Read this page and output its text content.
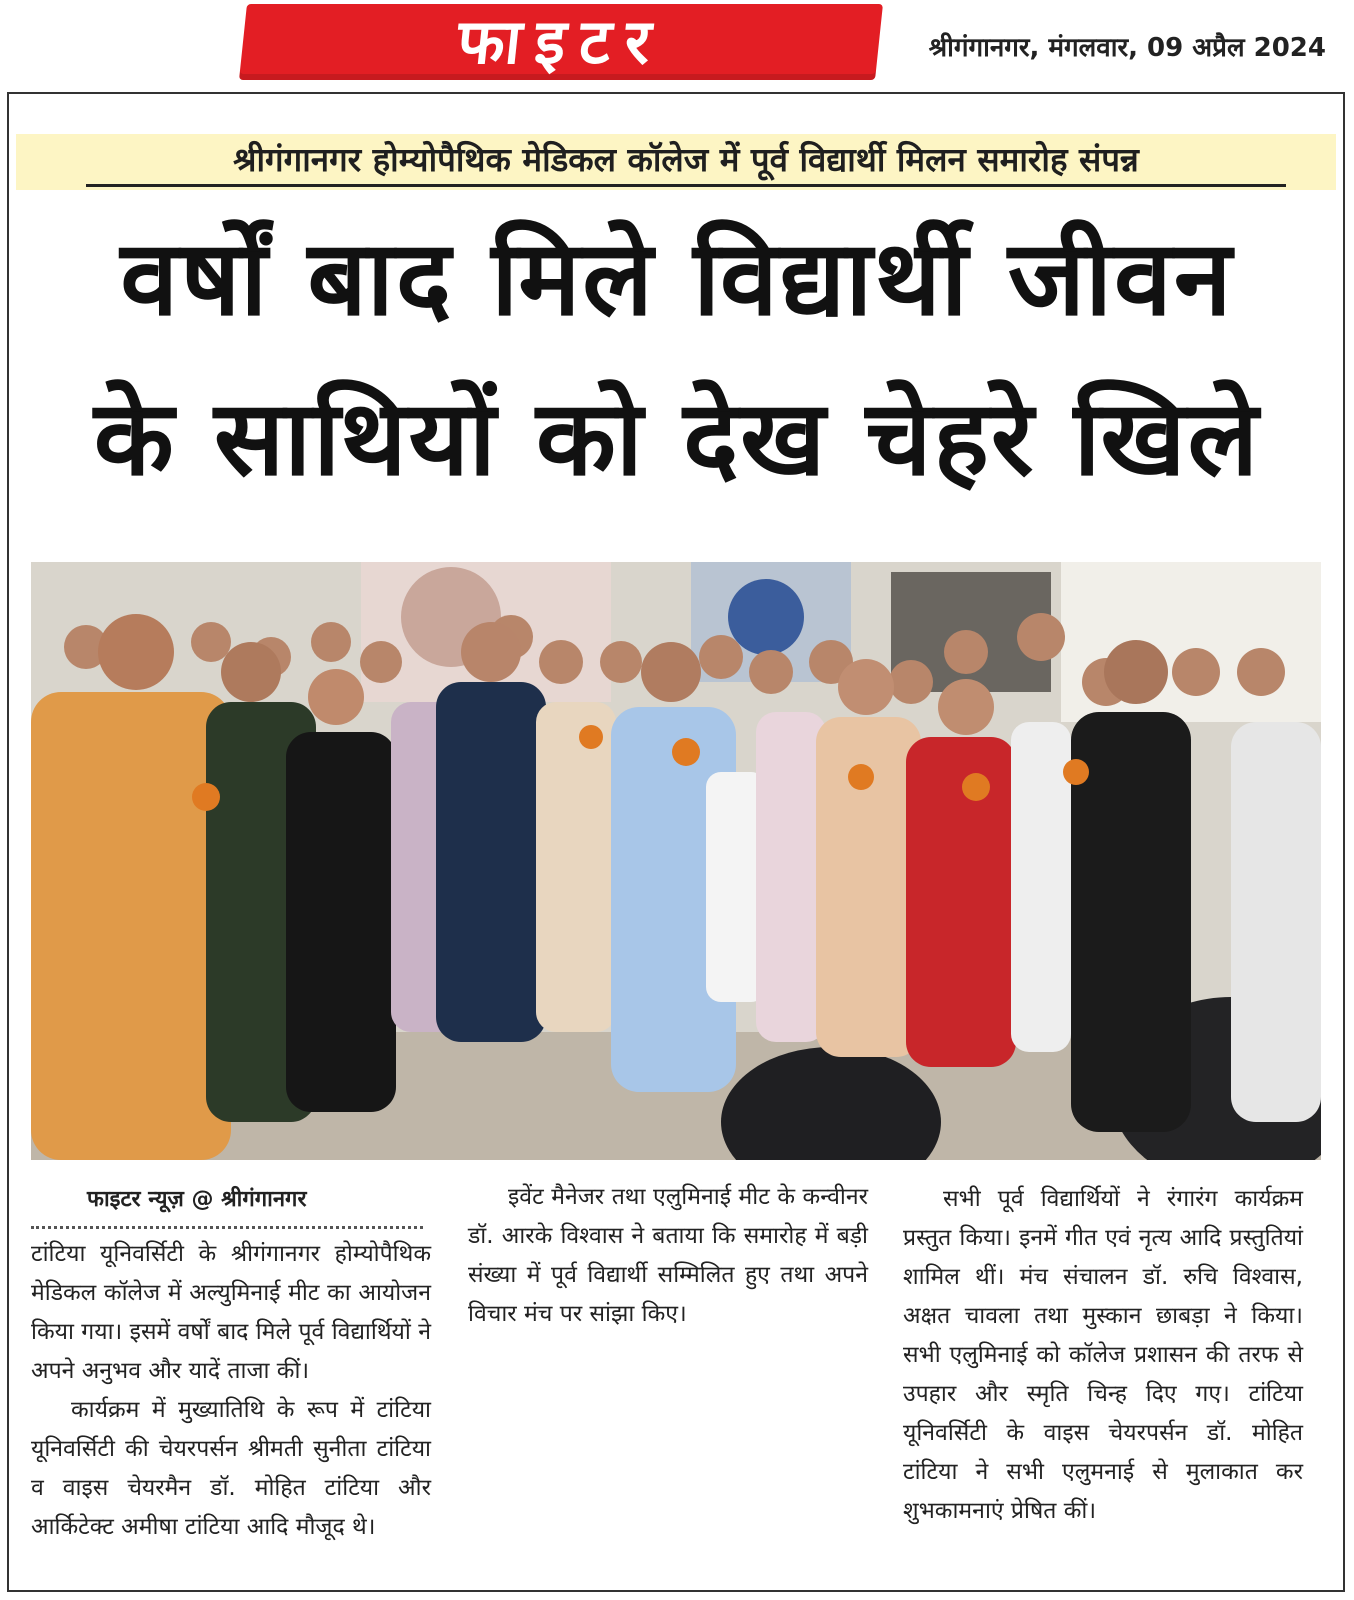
फाइटर	श्रीगंगानगर, मंगलवार, 09 अप्रैल 2024
श्रीगंगानगर होम्योपैथिक मेडिकल कॉलेज में पूर्व विद्यार्थी मिलन समारोह संपन्न
वर्षों बाद मिले विद्यार्थी जीवन
के साथियों को देख चेहरे खिले
फाइटर न्यूज़ @ श्रीगंगानगर

टांटिया यूनिवर्सिटी के श्रीगंगानगर होम्योपैथिक मेडिकल कॉलेज में अल्युमिनाई मीट का आयोजन किया गया। इसमें वर्षों बाद मिले पूर्व विद्यार्थियों ने अपने अनुभव और यादें ताजा कीं।

कार्यक्रम में मुख्यातिथि के रूप में टांटिया यूनिवर्सिटी की चेयरपर्सन श्रीमती सुनीता टांटिया व वाइस चेयरमैन डॉ. मोहित टांटिया और आर्किटेक्ट अमीषा टांटिया आदि मौजूद थे।

इवेंट मैनेजर तथा एलुमिनाई मीट के कन्वीनर डॉ. आरके विश्वास ने बताया कि समारोह में बड़ी संख्या में पूर्व विद्यार्थी सम्मिलित हुए तथा अपने विचार मंच पर सांझा किए।

सभी पूर्व विद्यार्थियों ने रंगारंग कार्यक्रम प्रस्तुत किया। इनमें गीत एवं नृत्य आदि प्रस्तुतियां शामिल थीं। मंच संचालन डॉ. रुचि विश्वास, अक्षत चावला तथा मुस्कान छाबड़ा ने किया। सभी एलुमिनाई को कॉलेज प्रशासन की तरफ से उपहार और स्मृति चिन्ह दिए गए। टांटिया यूनिवर्सिटी के वाइस चेयरपर्सन डॉ. मोहित टांटिया ने सभी एलुमनाई से मुलाकात कर शुभकामनाएं प्रेषित कीं।
